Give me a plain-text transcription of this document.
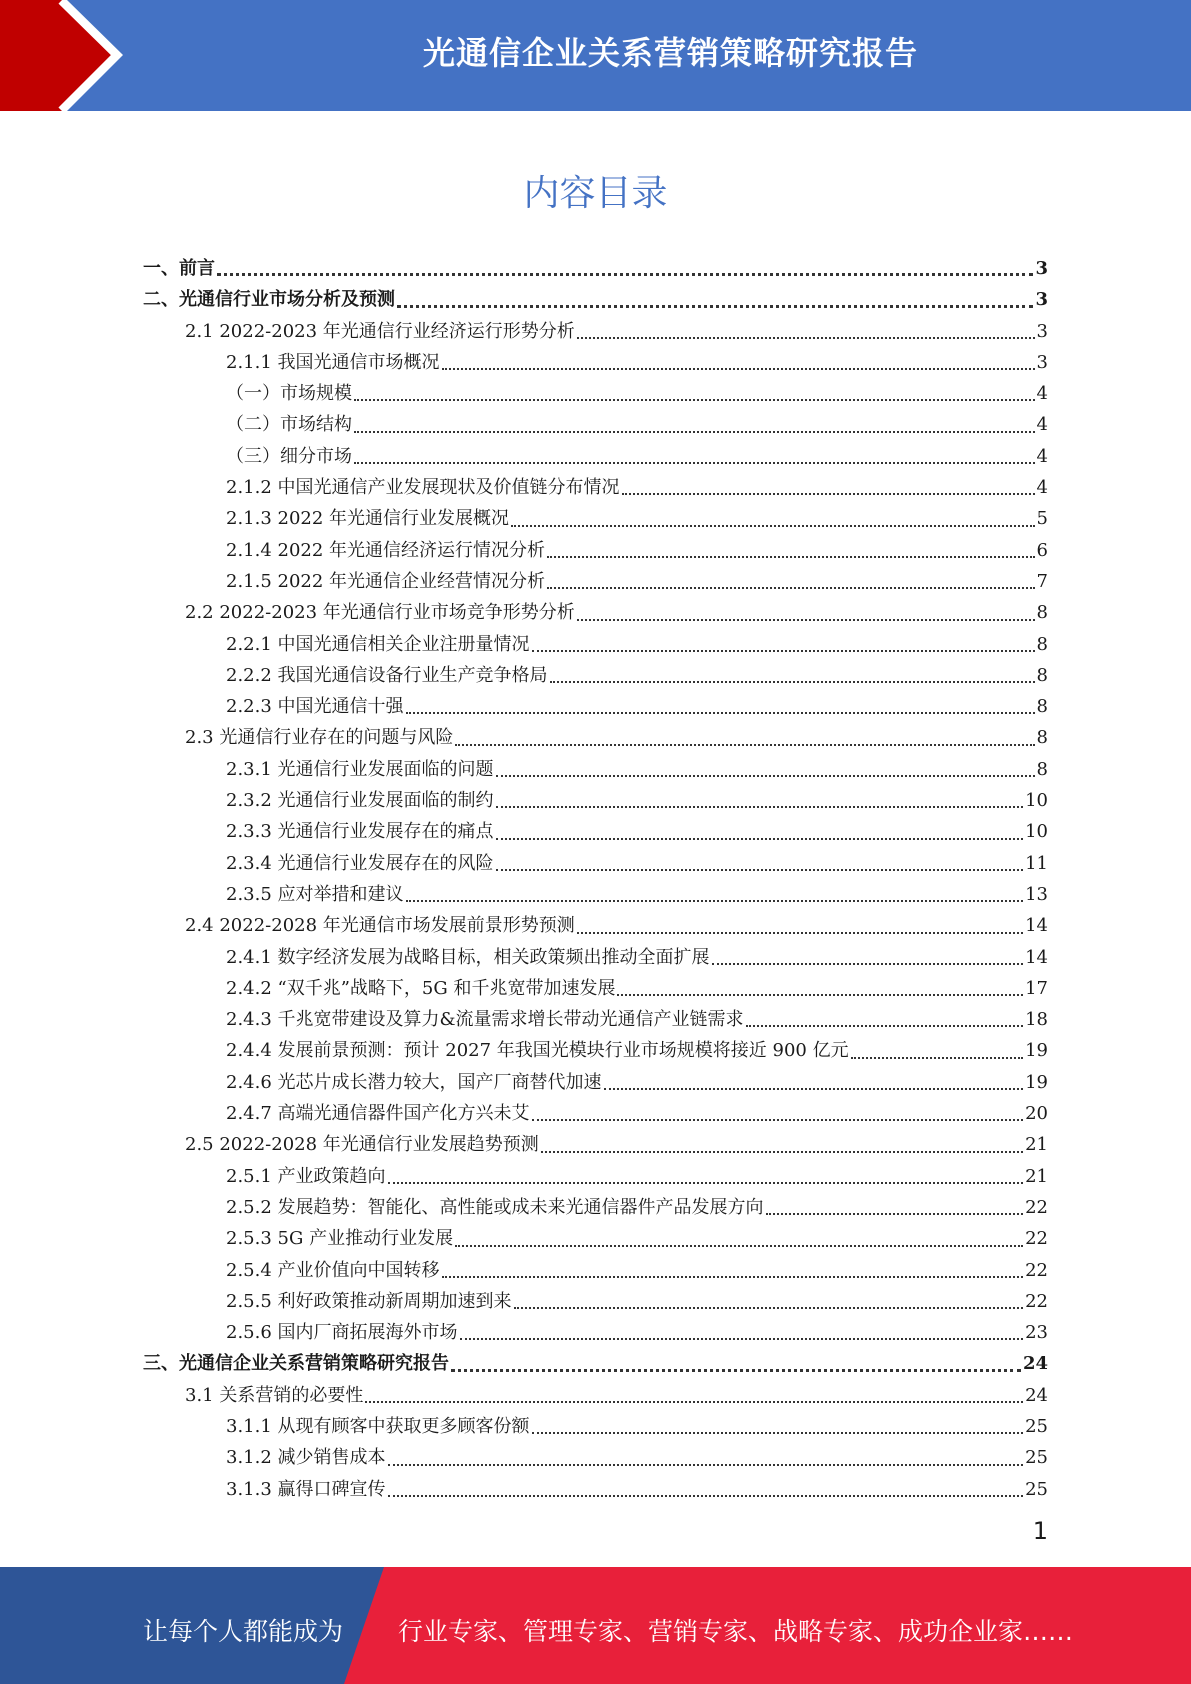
光通信企业关系营销策略研究报告
内容目录
一、前言	3
二、光通信行业市场分析及预测	3
2.1 2022-2023 年光通信行业经济运行形势分析	3
2.1.1 我国光通信市场概况	3
（一）市场规模	4
（二）市场结构	4
（三）细分市场	4
2.1.2 中国光通信产业发展现状及价值链分布情况	4
2.1.3 2022 年光通信行业发展概况	5
2.1.4 2022 年光通信经济运行情况分析	6
2.1.5 2022 年光通信企业经营情况分析	7
2.2 2022-2023 年光通信行业市场竞争形势分析	8
2.2.1 中国光通信相关企业注册量情况	8
2.2.2 我国光通信设备行业生产竞争格局	8
2.2.3 中国光通信十强	8
2.3 光通信行业存在的问题与风险	8
2.3.1 光通信行业发展面临的问题	8
2.3.2 光通信行业发展面临的制约	10
2.3.3 光通信行业发展存在的痛点	10
2.3.4 光通信行业发展存在的风险	11
2.3.5 应对举措和建议	13
2.4 2022-2028 年光通信市场发展前景形势预测	14
2.4.1 数字经济发展为战略目标，相关政策频出推动全面扩展	14
2.4.2 “双千兆”战略下，5G 和千兆宽带加速发展	17
2.4.3 千兆宽带建设及算力&流量需求增长带动光通信产业链需求	18
2.4.4 发展前景预测：预计 2027 年我国光模块行业市场规模将接近 900 亿元	19
2.4.6 光芯片成长潜力较大，国产厂商替代加速	19
2.4.7 高端光通信器件国产化方兴未艾	20
2.5 2022-2028 年光通信行业发展趋势预测	21
2.5.1 产业政策趋向	21
2.5.2 发展趋势：智能化、高性能或成未来光通信器件产品发展方向	22
2.5.3 5G 产业推动行业发展	22
2.5.4 产业价值向中国转移	22
2.5.5 利好政策推动新周期加速到来	22
2.5.6 国内厂商拓展海外市场	23
三、光通信企业关系营销策略研究报告	24
3.1 关系营销的必要性	24
3.1.1 从现有顾客中获取更多顾客份额	25
3.1.2 减少销售成本	25
3.1.3 赢得口碑宣传	25
1
让每个人都能成为 行业专家、管理专家、营销专家、战略专家、成功企业家……
